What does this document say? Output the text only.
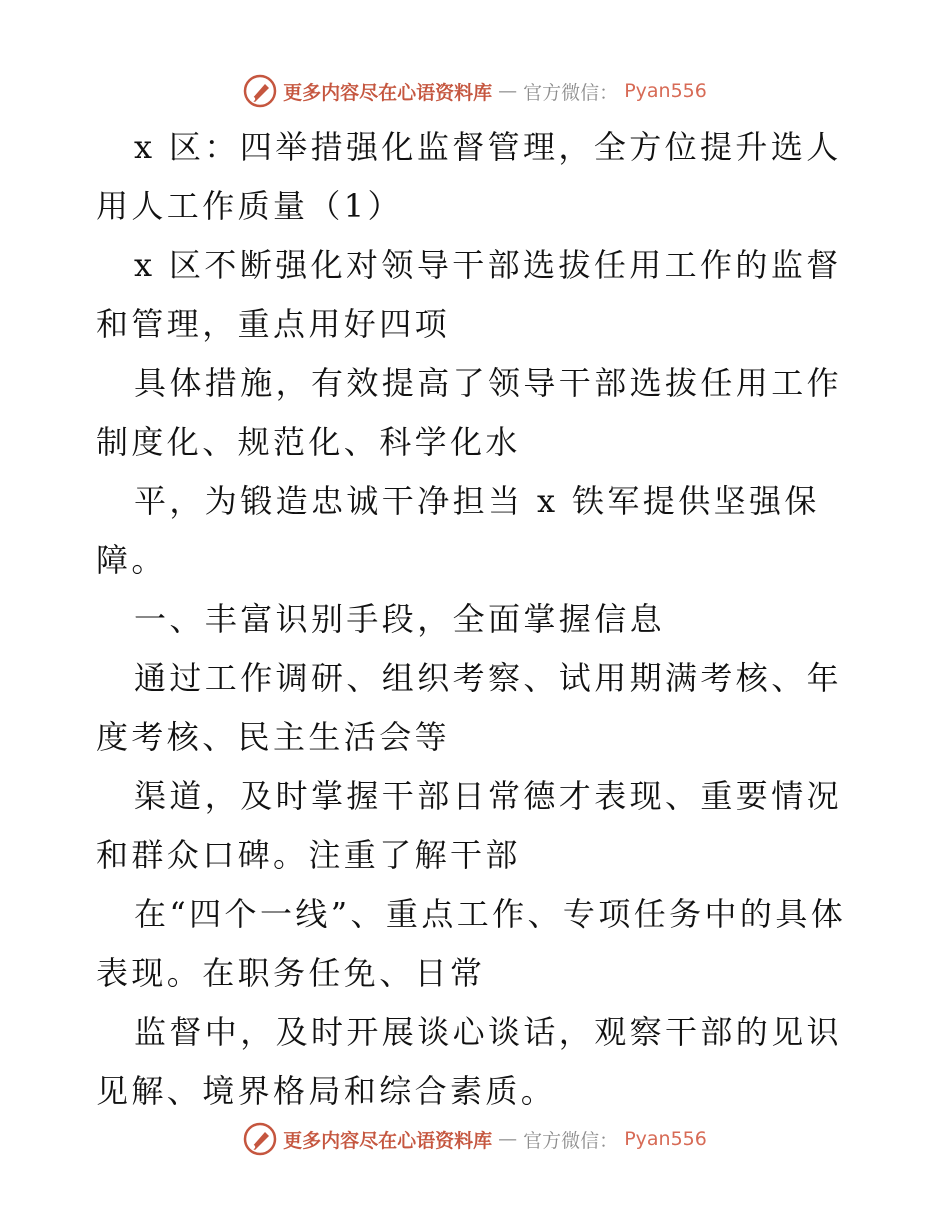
更多内容尽在心语资料库 — 官方微信： Pyan556

x 区：四举措强化监督管理，全方位提升选人用人工作质量（1）

x 区不断强化对领导干部选拔任用工作的监督和管理，重点用好四项

具体措施，有效提高了领导干部选拔任用工作制度化、规范化、科学化水

平，为锻造忠诚干净担当 x 铁军提供坚强保障。

一、丰富识别手段，全面掌握信息

通过工作调研、组织考察、试用期满考核、年度考核、民主生活会等

渠道，及时掌握干部日常德才表现、重要情况和群众口碑。注重了解干部

在“四个一线”、重点工作、专项任务中的具体表现。在职务任免、日常

监督中，及时开展谈心谈话，观察干部的见识见解、境界格局和综合素质。

更多内容尽在心语资料库 — 官方微信： Pyan556
